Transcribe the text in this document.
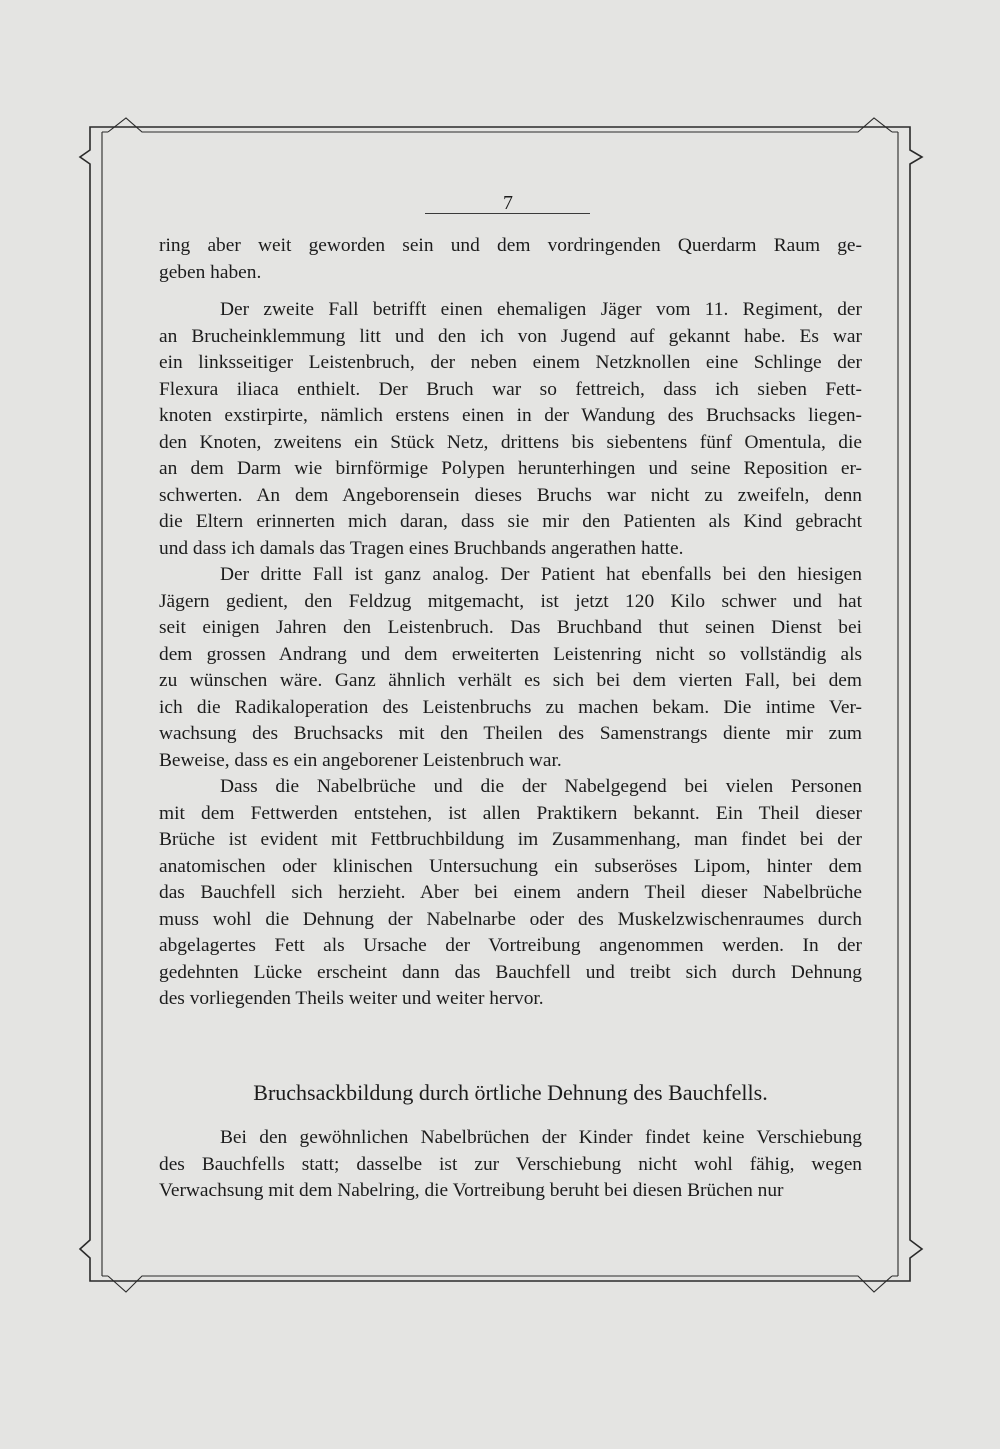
7
ring aber weit geworden sein und dem vordringenden Querdarm Raum ge-
geben haben.
Der zweite Fall betrifft einen ehemaligen Jäger vom 11. Regiment, der
an Brucheinklemmung litt und den ich von Jugend auf gekannt habe. Es war
ein linksseitiger Leistenbruch, der neben einem Netzknollen eine Schlinge der
Flexura iliaca enthielt. Der Bruch war so fettreich, dass ich sieben Fett-
knoten exstirpirte, nämlich erstens einen in der Wandung des Bruchsacks liegen-
den Knoten, zweitens ein Stück Netz, drittens bis siebentens fünf Omentula, die
an dem Darm wie birnförmige Polypen herunterhingen und seine Reposition er-
schwerten. An dem Angeborensein dieses Bruchs war nicht zu zweifeln, denn
die Eltern erinnerten mich daran, dass sie mir den Patienten als Kind gebracht
und dass ich damals das Tragen eines Bruchbands angerathen hatte.
Der dritte Fall ist ganz analog. Der Patient hat ebenfalls bei den hiesigen
Jägern gedient, den Feldzug mitgemacht, ist jetzt 120 Kilo schwer und hat
seit einigen Jahren den Leistenbruch. Das Bruchband thut seinen Dienst bei
dem grossen Andrang und dem erweiterten Leistenring nicht so vollständig als
zu wünschen wäre. Ganz ähnlich verhält es sich bei dem vierten Fall, bei dem
ich die Radikaloperation des Leistenbruchs zu machen bekam. Die intime Ver-
wachsung des Bruchsacks mit den Theilen des Samenstrangs diente mir zum
Beweise, dass es ein angeborener Leistenbruch war.
Dass die Nabelbrüche und die der Nabelgegend bei vielen Personen
mit dem Fettwerden entstehen, ist allen Praktikern bekannt. Ein Theil dieser
Brüche ist evident mit Fettbruchbildung im Zusammenhang, man findet bei der
anatomischen oder klinischen Untersuchung ein subseröses Lipom, hinter dem
das Bauchfell sich herzieht. Aber bei einem andern Theil dieser Nabelbrüche
muss wohl die Dehnung der Nabelnarbe oder des Muskelzwischenraumes durch
abgelagertes Fett als Ursache der Vortreibung angenommen werden. In der
gedehnten Lücke erscheint dann das Bauchfell und treibt sich durch Dehnung
des vorliegenden Theils weiter und weiter hervor.
Bruchsackbildung durch örtliche Dehnung des Bauchfells.
Bei den gewöhnlichen Nabelbrüchen der Kinder findet keine Verschiebung
des Bauchfells statt; dasselbe ist zur Verschiebung nicht wohl fähig, wegen
Verwachsung mit dem Nabelring, die Vortreibung beruht bei diesen Brüchen nur
